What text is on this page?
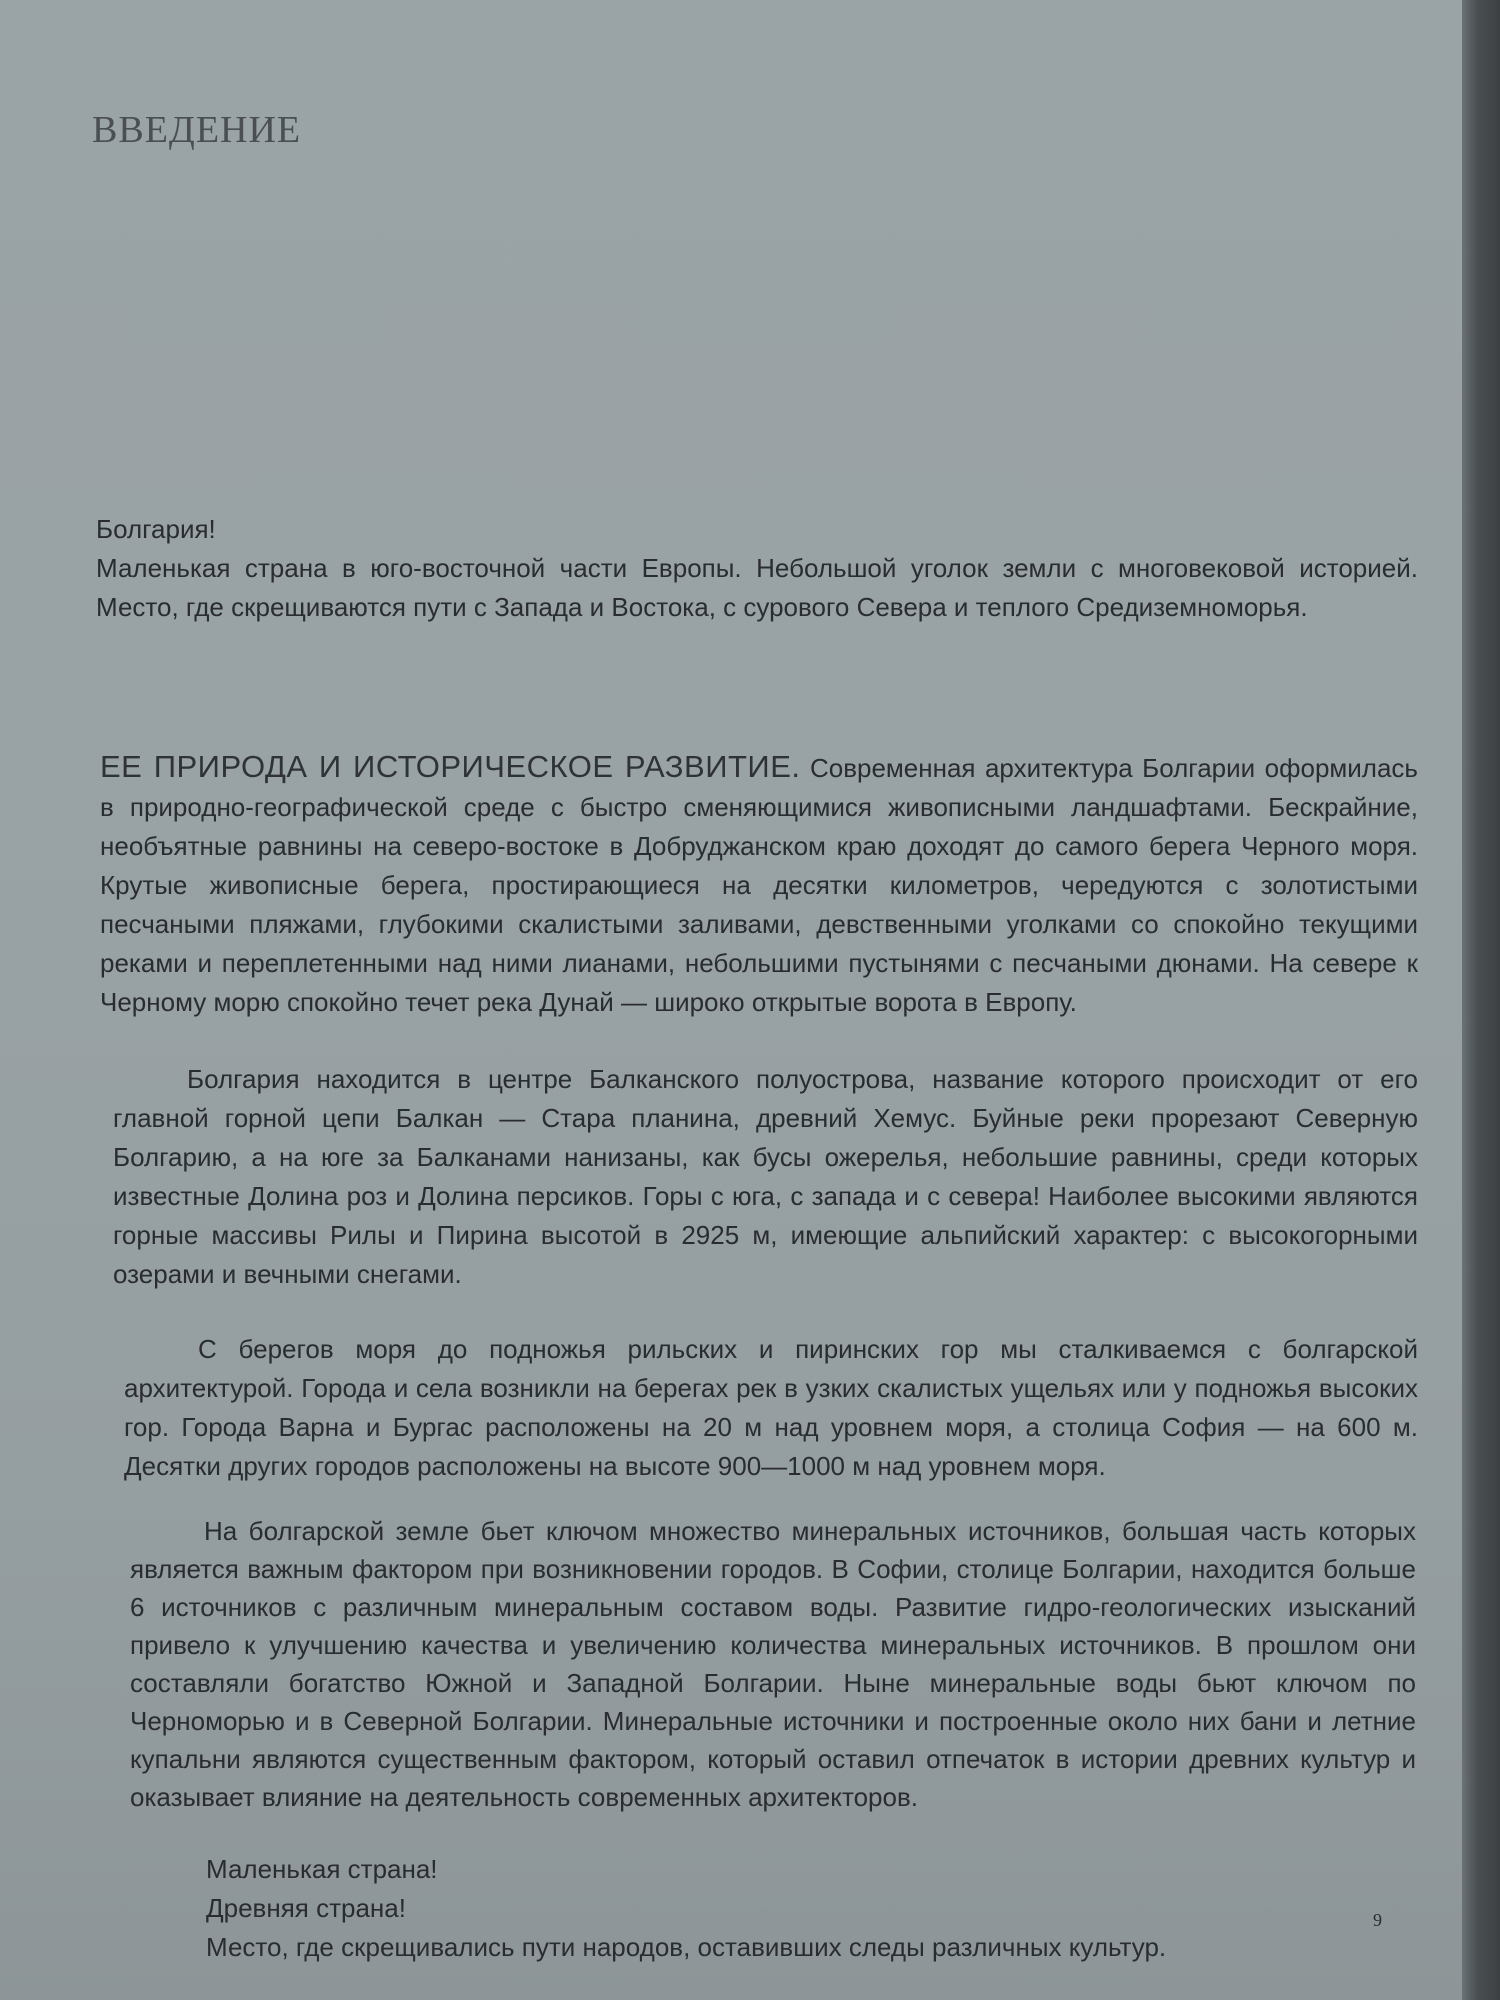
ВВЕДЕНИЕ

Болгария!

Маленькая страна в юго-восточной части Европы. Небольшой уголок земли с многовековой историей. Место, где скрещиваются пути с Запада и Востока, с сурового Севера и теплого Средиземноморья.

ЕЕ ПРИРОДА И ИСТОРИЧЕСКОЕ РАЗВИТИЕ. Современная архитектура Болгарии оформилась в природно-географической среде с быстро сменяющимися живописными ландшафтами. Бескрайние, необъятные равнины на северо-востоке в Добруджанском краю доходят до самого берега Черного моря. Крутые живописные берега, простирающиеся на десятки километров, чередуются с золотистыми песчаными пляжами, глубокими скалистыми заливами, девственными уголками со спокойно текущими реками и переплетенными над ними лианами, небольшими пустынями с песчаными дюнами. На севере к Черному морю спокойно течет река Дунай — широко открытые ворота в Европу.

Болгария находится в центре Балканского полуострова, название которого происходит от его главной горной цепи Балкан — Стара планина, древний Хемус. Буйные реки прорезают Северную Болгарию, а на юге за Балканами нанизаны, как бусы ожерелья, небольшие равнины, среди которых известные Долина роз и Долина персиков. Горы с юга, с запада и с севера! Наиболее высокими являются горные массивы Рилы и Пирина высотой в 2925 м, имеющие альпийский характер: с высокогорными озерами и вечными снегами.

С берегов моря до подножья рильских и пиринских гор мы сталкиваемся с болгарской архитектурой. Города и села возникли на берегах рек в узких скалистых ущельях или у подножья высоких гор. Города Варна и Бургас расположены на 20 м над уровнем моря, а столица София — на 600 м. Десятки других городов расположены на высоте 900—1000 м над уровнем моря.

На болгарской земле бьет ключом множество минеральных источников, большая часть которых является важным фактором при возникновении городов. В Софии, столице Болгарии, находится больше 6 источников с различным минеральным составом воды. Развитие гидро-геологических изысканий привело к улучшению качества и увеличению количества минеральных источников. В прошлом они составляли богатство Южной и Западной Болгарии. Ныне минеральные воды бьют ключом по Черноморью и в Северной Болгарии. Минеральные источники и построенные около них бани и летние купальни являются существенным фактором, который оставил отпечаток в истории древних культур и оказывает влияние на деятельность современных архитекторов.

Маленькая страна!

Древняя страна!

Место, где скрещивались пути народов, оставивших следы различных культур.

9
